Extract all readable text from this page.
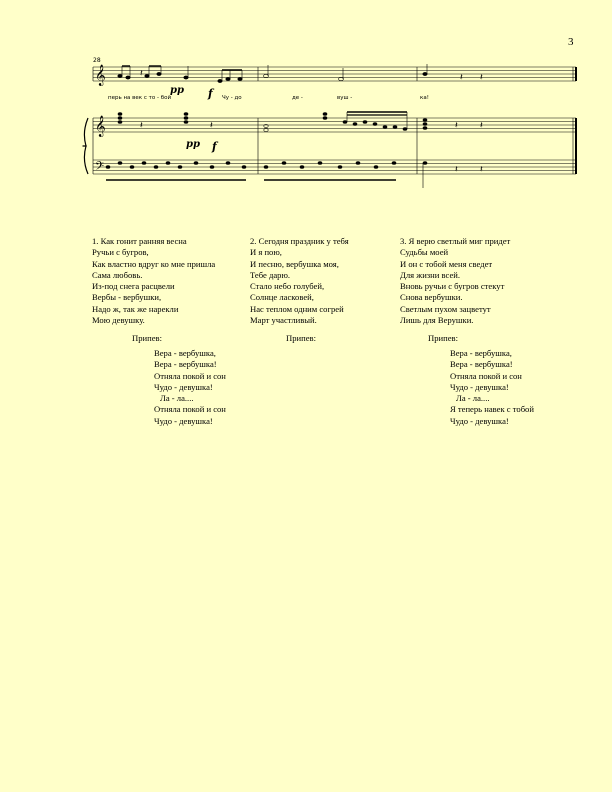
3
𝄞
𝄞
𝄢
𝄽	𝄽 𝄽
𝄽	𝄽	𝄽 𝄽
𝄽 𝄽
28
pp f
pp f
перь на век с то - бой	Чу - до	де -	вуш -	ка!
1. Как гонит ранняя весна
Ручьи с бугров,
Как властно вдруг ко мне пришла
Сама любовь.
Из-под снега расцвели
Вербы - вербушки,
Надо ж, так же нарекли
Мою девушку.
2. Сегодня праздник у тебя
И я пою,
И песню, вербушка моя,
Тебе дарю.
Стало небо голубей,
Солнце ласковей,
Нас теплом одним согрей
Март участливый.
3. Я верю светлый миг придет
Судьбы моей
И он с тобой меня сведет
Для жизни всей.
Вновь ручьи с бугров стекут
Снова вербушки.
Светлым пухом зацветут
Лишь для Верушки.
Припев:
Вера - вербушка,
Вера - вербушка!
Отняла покой и сон
Чудо - девушка!
Ла - ла....
Отняла покой и сон
Чудо - девушка!
Припев:	Припев:
Вера - вербушка,
Вера - вербушка!
Отняла покой и сон
Чудо - девушка!
Ла - ла....
Я теперь навек с тобой
Чудо - девушка!
